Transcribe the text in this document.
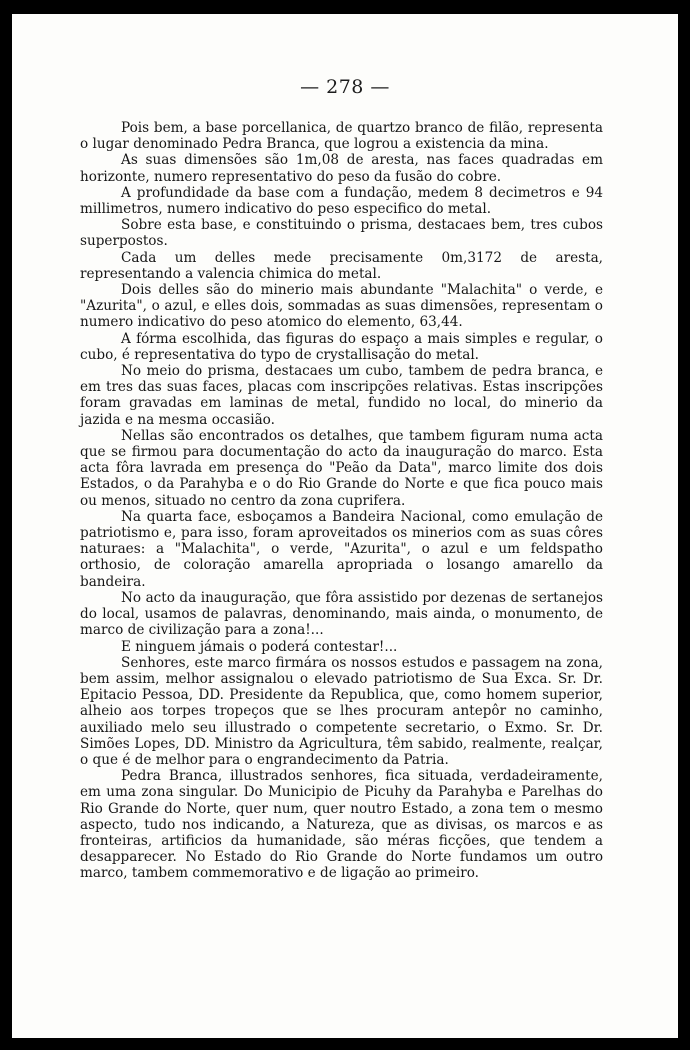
— 278 —

Pois bem, a base porcellanica, de quartzo branco de filão, representa o lugar denominado Pedra Branca, que logrou a existencia da mina.

As suas dimensões são 1m,08 de aresta, nas faces quadradas em horizonte, numero representativo do peso da fusão do cobre.

A profundidade da base com a fundação, medem 8 decimetros e 94 millimetros, numero indicativo do peso especifico do metal.

Sobre esta base, e constituindo o prisma, destacaes bem, tres cubos superpostos.

Cada um delles mede precisamente 0m,3172 de aresta, representando a valencia chimica do metal.

Dois delles são do minerio mais abundante "Malachita" o verde, e "Azurita", o azul, e elles dois, sommadas as suas dimensões, representam o numero indicativo do peso atomico do elemento, 63,44.

A fórma escolhida, das figuras do espaço a mais simples e regular, o cubo, é representativa do typo de crystallisação do metal.

No meio do prisma, destacaes um cubo, tambem de pedra branca, e em tres das suas faces, placas com inscripções relativas. Estas inscripções foram gravadas em laminas de metal, fundido no local, do minerio da jazida e na mesma occasião.

Nellas são encontrados os detalhes, que tambem figuram numa acta que se firmou para documentação do acto da inauguração do marco. Esta acta fôra lavrada em presença do "Peão da Data", marco limite dos dois Estados, o da Parahyba e o do Rio Grande do Norte e que fica pouco mais ou menos, situado no centro da zona cuprifera.

Na quarta face, esboçamos a Bandeira Nacional, como emulação de patriotismo e, para isso, foram aproveitados os minerios com as suas côres naturaes: a "Malachita", o verde, "Azurita", o azul e um feldspatho orthosio, de coloração amarella apropriada o losango amarello da bandeira.

No acto da inauguração, que fôra assistido por dezenas de sertanejos do local, usamos de palavras, denominando, mais ainda, o monumento, de marco de civilização para a zona!...

E ninguem jámais o poderá contestar!...

Senhores, este marco firmára os nossos estudos e passagem na zona, bem assim, melhor assignalou o elevado patriotismo de Sua Exca. Sr. Dr. Epitacio Pessoa, DD. Presidente da Republica, que, como homem superior, alheio aos torpes tropeços que se lhes procuram antepôr no caminho, auxiliado melo seu illustrado o competente secretario, o Exmo. Sr. Dr. Simões Lopes, DD. Ministro da Agricultura, têm sabido, realmente, realçar, o que é de melhor para o engrandecimento da Patria.

Pedra Branca, illustrados senhores, fica situada, verdadeiramente, em uma zona singular. Do Municipio de Picuhy da Parahyba e Parelhas do Rio Grande do Norte, quer num, quer noutro Estado, a zona tem o mesmo aspecto, tudo nos indicando, a Natureza, que as divisas, os marcos e as fronteiras, artificios da humanidade, são méras ficções, que tendem a desapparecer. No Estado do Rio Grande do Norte fundamos um outro marco, tambem commemorativo e de ligação ao primeiro.
